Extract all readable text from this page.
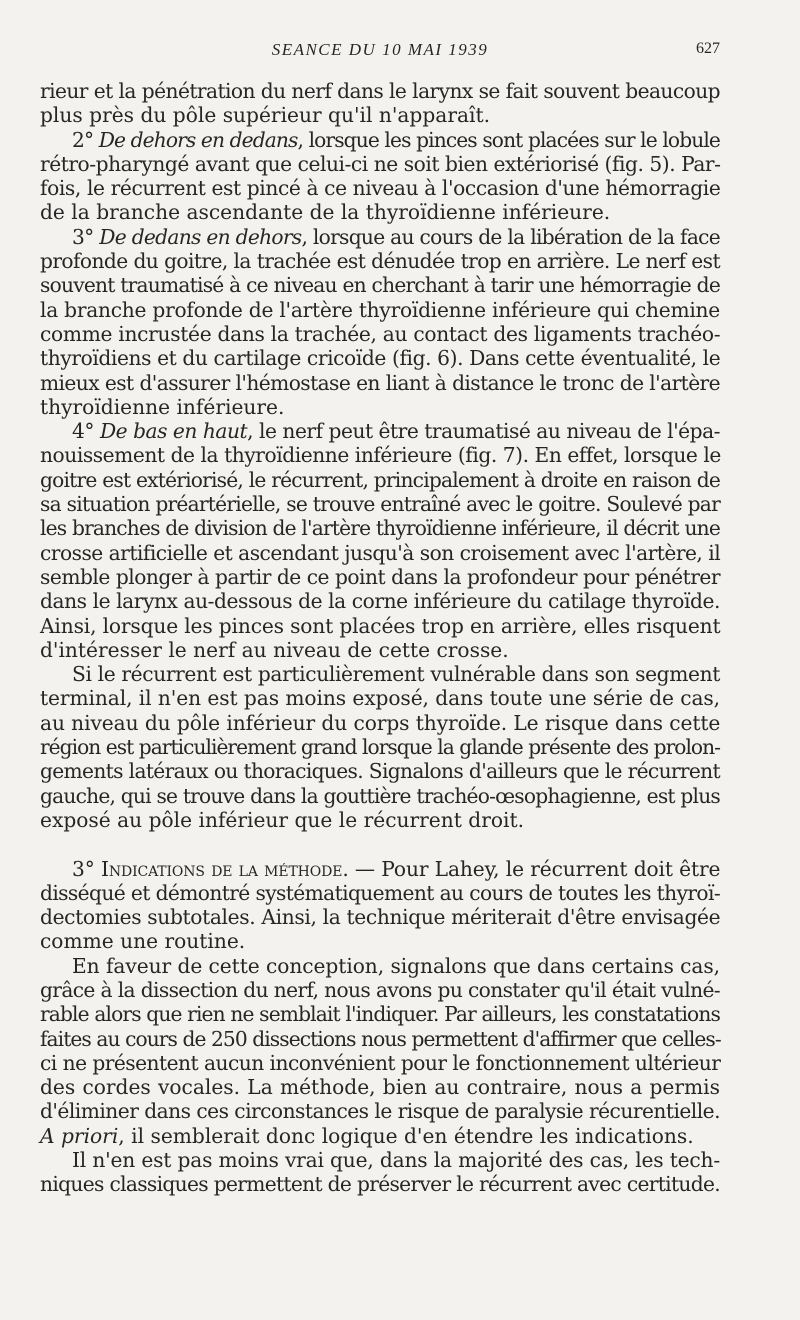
SEANCE DU 10 MAI 1939	627
rieur et la pénétration du nerf dans le larynx se fait souvent beaucoup
plus près du pôle supérieur qu'il n'apparaît.
2° De dehors en dedans, lorsque les pinces sont placées sur le lobule
rétro-pharyngé avant que celui-ci ne soit bien extériorisé (fig. 5). Par-
fois, le récurrent est pincé à ce niveau à l'occasion d'une hémorragie
de la branche ascendante de la thyroïdienne inférieure.
3° De dedans en dehors, lorsque au cours de la libération de la face
profonde du goitre, la trachée est dénudée trop en arrière. Le nerf est
souvent traumatisé à ce niveau en cherchant à tarir une hémorragie de
la branche profonde de l'artère thyroïdienne inférieure qui chemine
comme incrustée dans la trachée, au contact des ligaments trachéo-
thyroïdiens et du cartilage cricoïde (fig. 6). Dans cette éventualité, le
mieux est d'assurer l'hémostase en liant à distance le tronc de l'artère
thyroïdienne inférieure.
4° De bas en haut, le nerf peut être traumatisé au niveau de l'épa-
nouissement de la thyroïdienne inférieure (fig. 7). En effet, lorsque le
goitre est extériorisé, le récurrent, principalement à droite en raison de
sa situation préartérielle, se trouve entraîné avec le goitre. Soulevé par
les branches de division de l'artère thyroïdienne inférieure, il décrit une
crosse artificielle et ascendant jusqu'à son croisement avec l'artère, il
semble plonger à partir de ce point dans la profondeur pour pénétrer
dans le larynx au-dessous de la corne inférieure du catilage thyroïde.
Ainsi, lorsque les pinces sont placées trop en arrière, elles risquent
d'intéresser le nerf au niveau de cette crosse.
Si le récurrent est particulièrement vulnérable dans son segment
terminal, il n'en est pas moins exposé, dans toute une série de cas,
au niveau du pôle inférieur du corps thyroïde. Le risque dans cette
région est particulièrement grand lorsque la glande présente des prolon-
gements latéraux ou thoraciques. Signalons d'ailleurs que le récurrent
gauche, qui se trouve dans la gouttière trachéo-œsophagienne, est plus
exposé au pôle inférieur que le récurrent droit.
3° Indications de la méthode. — Pour Lahey, le récurrent doit être
disséqué et démontré systématiquement au cours de toutes les thyroï-
dectomies subtotales. Ainsi, la technique mériterait d'être envisagée
comme une routine.
En faveur de cette conception, signalons que dans certains cas,
grâce à la dissection du nerf, nous avons pu constater qu'il était vulné-
rable alors que rien ne semblait l'indiquer. Par ailleurs, les constatations
faites au cours de 250 dissections nous permettent d'affirmer que celles-
ci ne présentent aucun inconvénient pour le fonctionnement ultérieur
des cordes vocales. La méthode, bien au contraire, nous a permis
d'éliminer dans ces circonstances le risque de paralysie récurentielle.
A priori, il semblerait donc logique d'en étendre les indications.
Il n'en est pas moins vrai que, dans la majorité des cas, les tech-
niques classiques permettent de préserver le récurrent avec certitude.
